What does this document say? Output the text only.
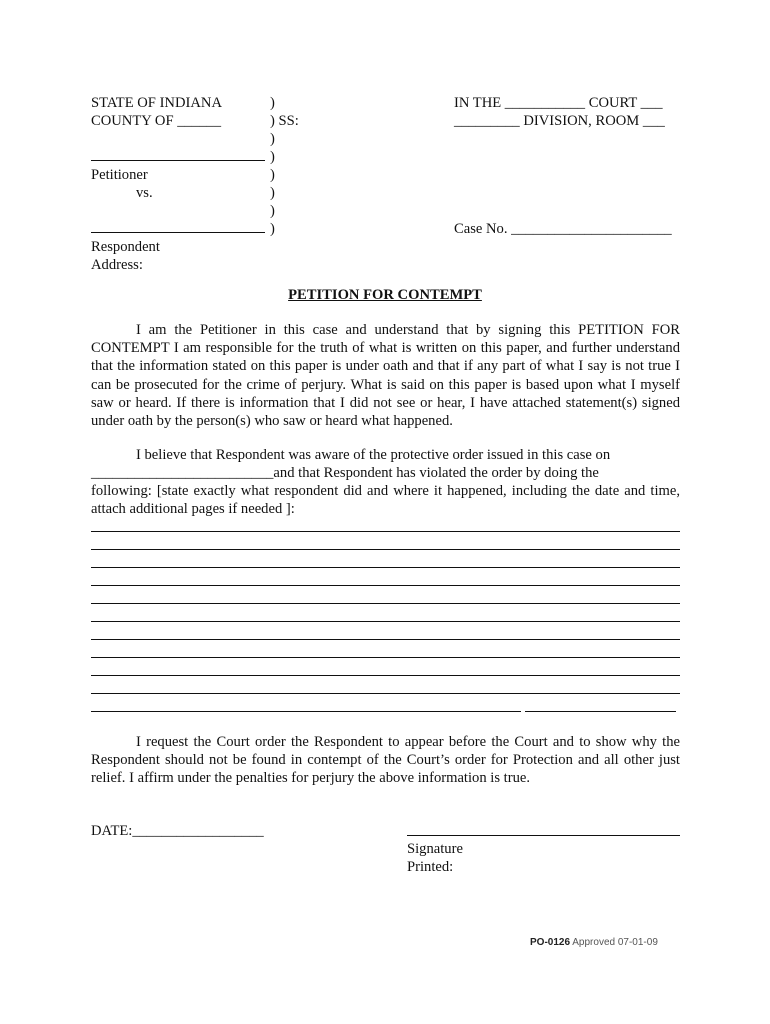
STATE OF INDIANA
COUNTY OF ______
)
) SS:
)
)
)
)
)
)
IN THE ___________ COURT ___
_________ DIVISION, ROOM ___
Petitioner
vs.
Case No. ______________________
Respondent
Address:
PETITION FOR CONTEMPT
I am the Petitioner in this case and understand that by signing this PETITION FOR CONTEMPT I am responsible for the truth of what is written on this paper, and further understand that the information stated on this paper is under oath and that if any part of what I say is not true I can be prosecuted for the crime of perjury. What is said on this paper is based upon what I myself saw or heard. If there is information that I did not see or hear, I have attached statement(s) signed under oath by the person(s) who saw or heard what happened.
I believe that Respondent was aware of the protective order issued in this case on
_________________________and that Respondent has violated the order by doing the
following: [state exactly what respondent did and where it happened, including the date and time, attach additional pages if needed ]:
I request the Court order the Respondent to appear before the Court and to show why the Respondent should not be found in contempt of the Court’s order for Protection and all other just relief. I affirm under the penalties for perjury the above information is true.
DATE:__________________
Signature
Printed:
PO-0126 Approved 07-01-09
